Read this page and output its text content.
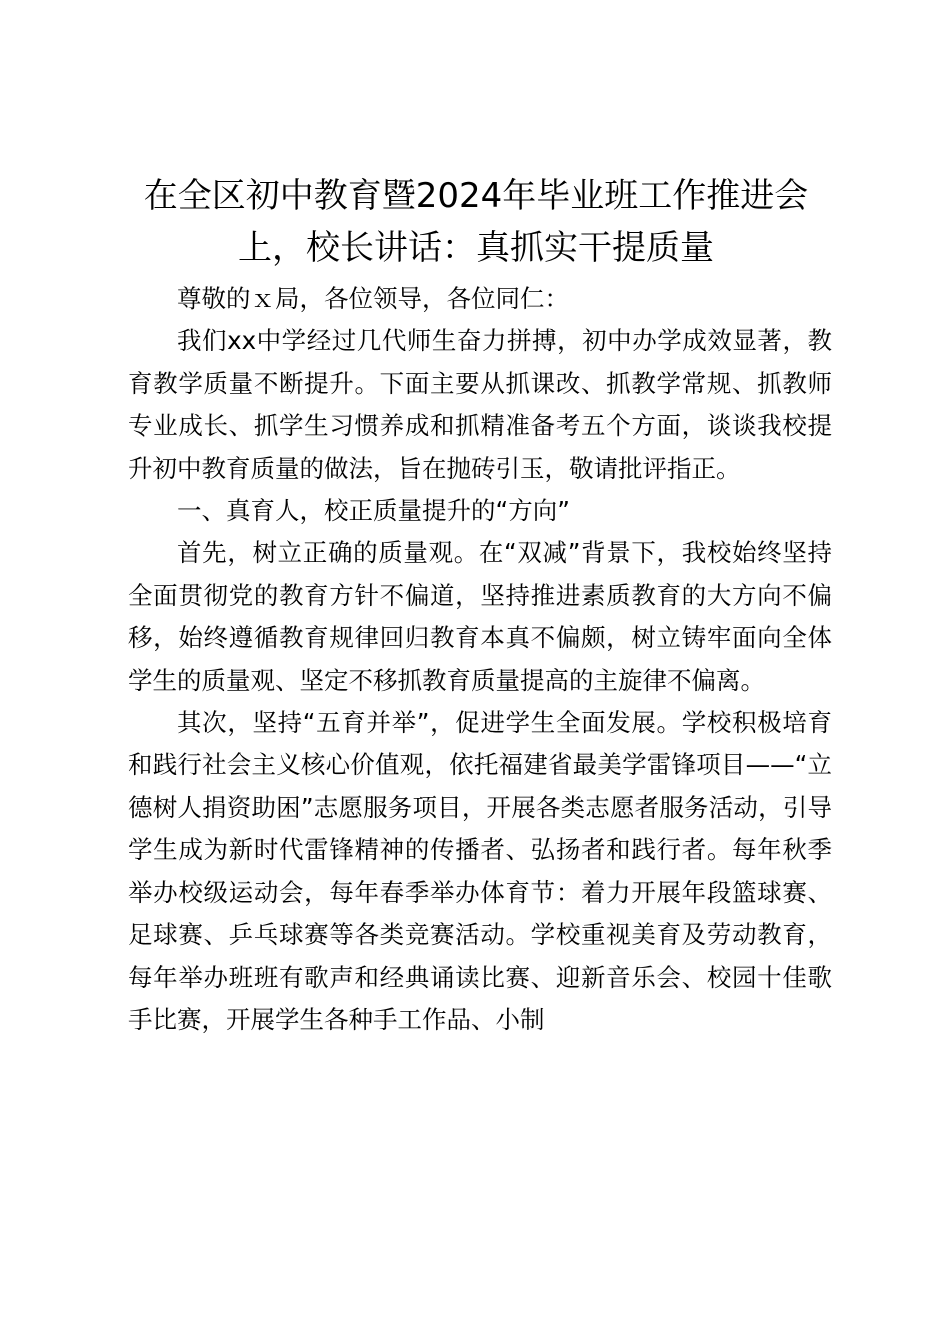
在全区初中教育暨2024年毕业班工作推进会
上，校长讲话：真抓实干提质量

尊敬的ｘ局，各位领导，各位同仁：

我们xx中学经过几代师生奋力拼搏，初中办学成效显著，教育教学质量不断提升。下面主要从抓课改、抓教学常规、抓教师专业成长、抓学生习惯养成和抓精准备考五个方面，谈谈我校提升初中教育质量的做法，旨在抛砖引玉，敬请批评指正。

一、真育人，校正质量提升的“方向”

首先，树立正确的质量观。在“双减”背景下，我校始终坚持全面贯彻党的教育方针不偏道，坚持推进素质教育的大方向不偏移，始终遵循教育规律回归教育本真不偏颇，树立铸牢面向全体学生的质量观、坚定不移抓教育质量提高的主旋律不偏离。

其次，坚持“五育并举”，促进学生全面发展。学校积极培育和践行社会主义核心价值观，依托福建省最美学雷锋项目——“立德树人捐资助困”志愿服务项目，开展各类志愿者服务活动，引导学生成为新时代雷锋精神的传播者、弘扬者和践行者。每年秋季举办校级运动会，每年春季举办体育节：着力开展年段篮球赛、足球赛、乒乓球赛等各类竞赛活动。学校重视美育及劳动教育，每年举办班班有歌声和经典诵读比赛、迎新音乐会、校园十佳歌手比赛，开展学生各种手工作品、小制
